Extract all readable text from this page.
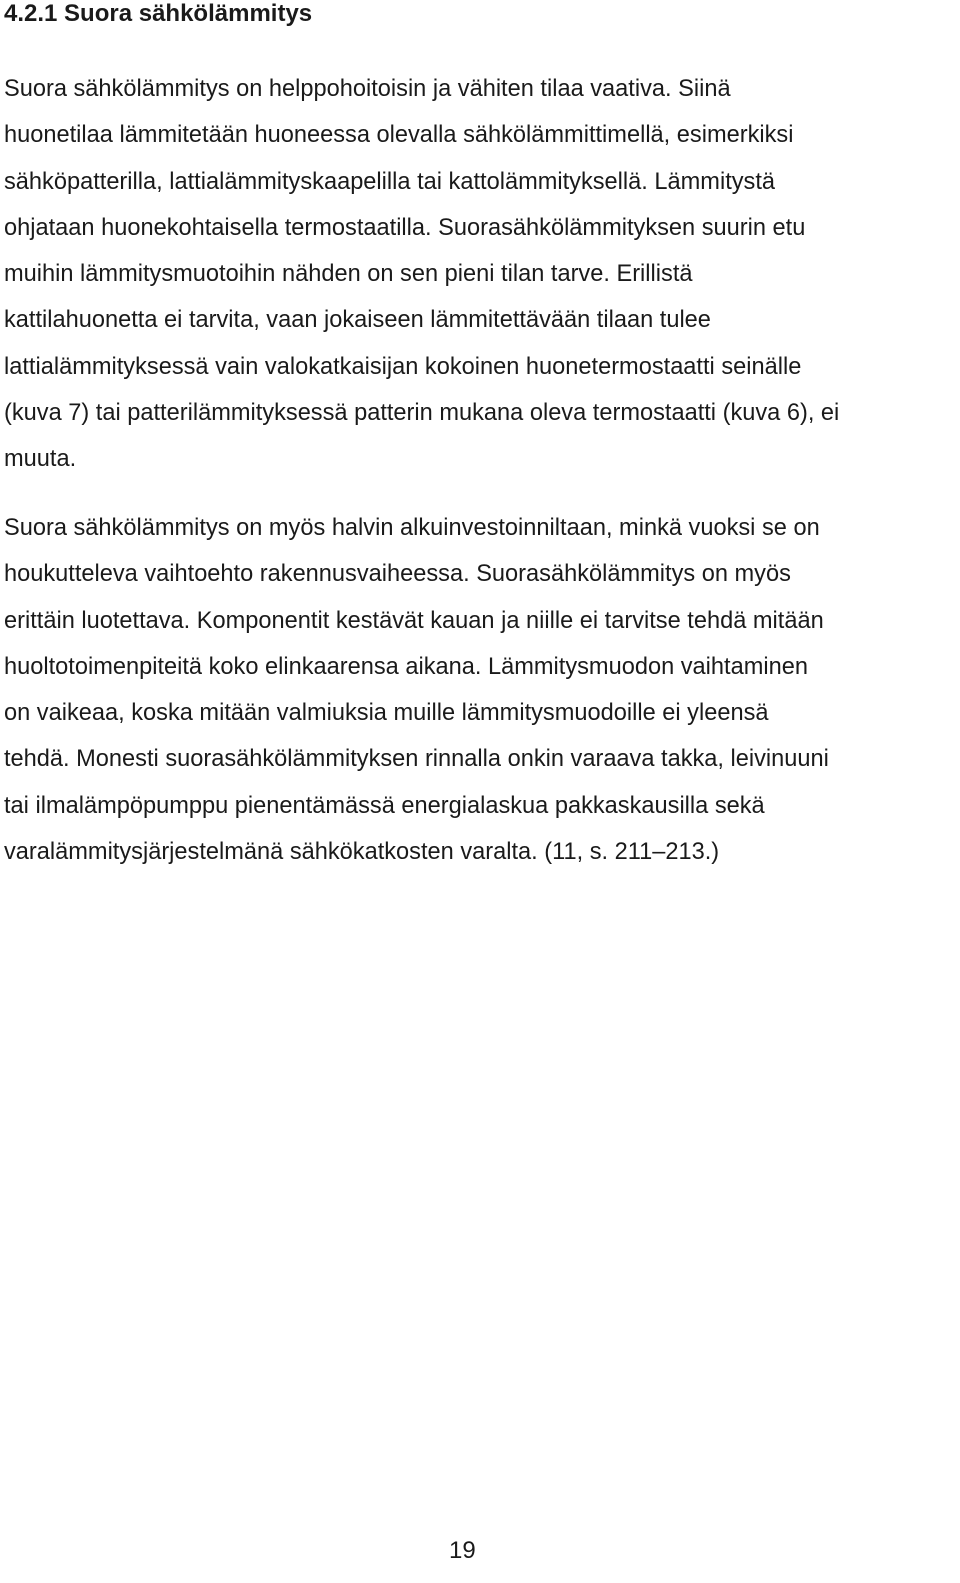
4.2.1 Suora sähkölämmitys

Suora sähkölämmitys on helppohoitoisin ja vähiten tilaa vaativa. Siinä
huonetilaa lämmitetään huoneessa olevalla sähkölämmittimellä, esimerkiksi
sähköpatterilla, lattialämmityskaapelilla tai kattolämmityksellä. Lämmitystä
ohjataan huonekohtaisella termostaatilla. Suorasähkölämmityksen suurin etu
muihin lämmitysmuotoihin nähden on sen pieni tilan tarve. Erillistä
kattilahuonetta ei tarvita, vaan jokaiseen lämmitettävään tilaan tulee
lattialämmityksessä vain valokatkaisijan kokoinen huonetermostaatti seinälle
(kuva 7) tai patterilämmityksessä patterin mukana oleva termostaatti (kuva 6), ei
muuta.

Suora sähkölämmitys on myös halvin alkuinvestoinniltaan, minkä vuoksi se on
houkutteleva vaihtoehto rakennusvaiheessa. Suorasähkölämmitys on myös
erittäin luotettava. Komponentit kestävät kauan ja niille ei tarvitse tehdä mitään
huoltotoimenpiteitä koko elinkaarensa aikana. Lämmitysmuodon vaihtaminen
on vaikeaa, koska mitään valmiuksia muille lämmitysmuodoille ei yleensä
tehdä. Monesti suorasähkölämmityksen rinnalla onkin varaava takka, leivinuuni
tai ilmalämpöpumppu pienentämässä energialaskua pakkaskausilla sekä
varalämmitysjärjestelmänä sähkökatkosten varalta. (11, s. 211–213.)

19
